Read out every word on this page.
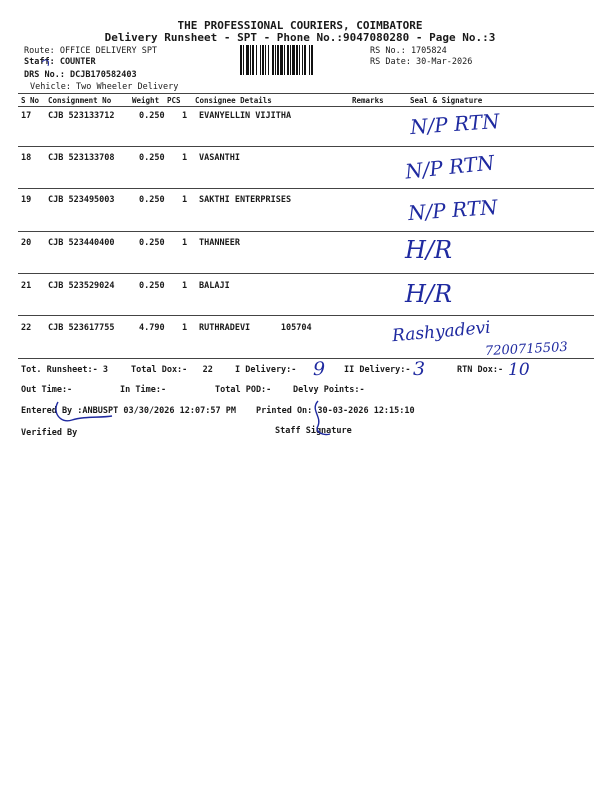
THE PROFESSIONAL COURIERS, COIMBATORE
Delivery Runsheet - SPT - Phone No.:9047080280 - Page No.:3
Route: OFFICE DELIVERY SPT
Staff: COUNTER
DRS No.: DCJB170582403
Vehicle: Two Wheeler Delivery
RS No.: 1705824
RS Date: 30-Mar-2026
S No Consignment No	Weight PCS Consignee Details	Remarks	Seal & Signature
17 CJB 523133712	0.250 1 EVANYELLIN VIJITHA	N/P RTN
18 CJB 523133708	0.250 1 VASANTHI	N/P RTN
19 CJB 523495003	0.250 1 SAKTHI ENTERPRISES	N/P RTN
20 CJB 523440400	0.250 1 THANNEER	H/R
21 CJB 523529024	0.250 1 BALAJI	H/R
22 CJB 523617755	4.790 1 RUTHRADEVI      105704	Rashyadevi
7200715503
Tot. Runsheet:- 3	Total Dox:-   22	I Delivery:- 9 II Delivery:- 3	RTN Dox:- 10
Out Time:-	In Time:-	Total POD:-	Delvy Points:-
Entered By :ANBUSPT 03/30/2026 12:07:57 PM Printed On: 30-03-2026 12:15:10
Verified By	Staff Signature
